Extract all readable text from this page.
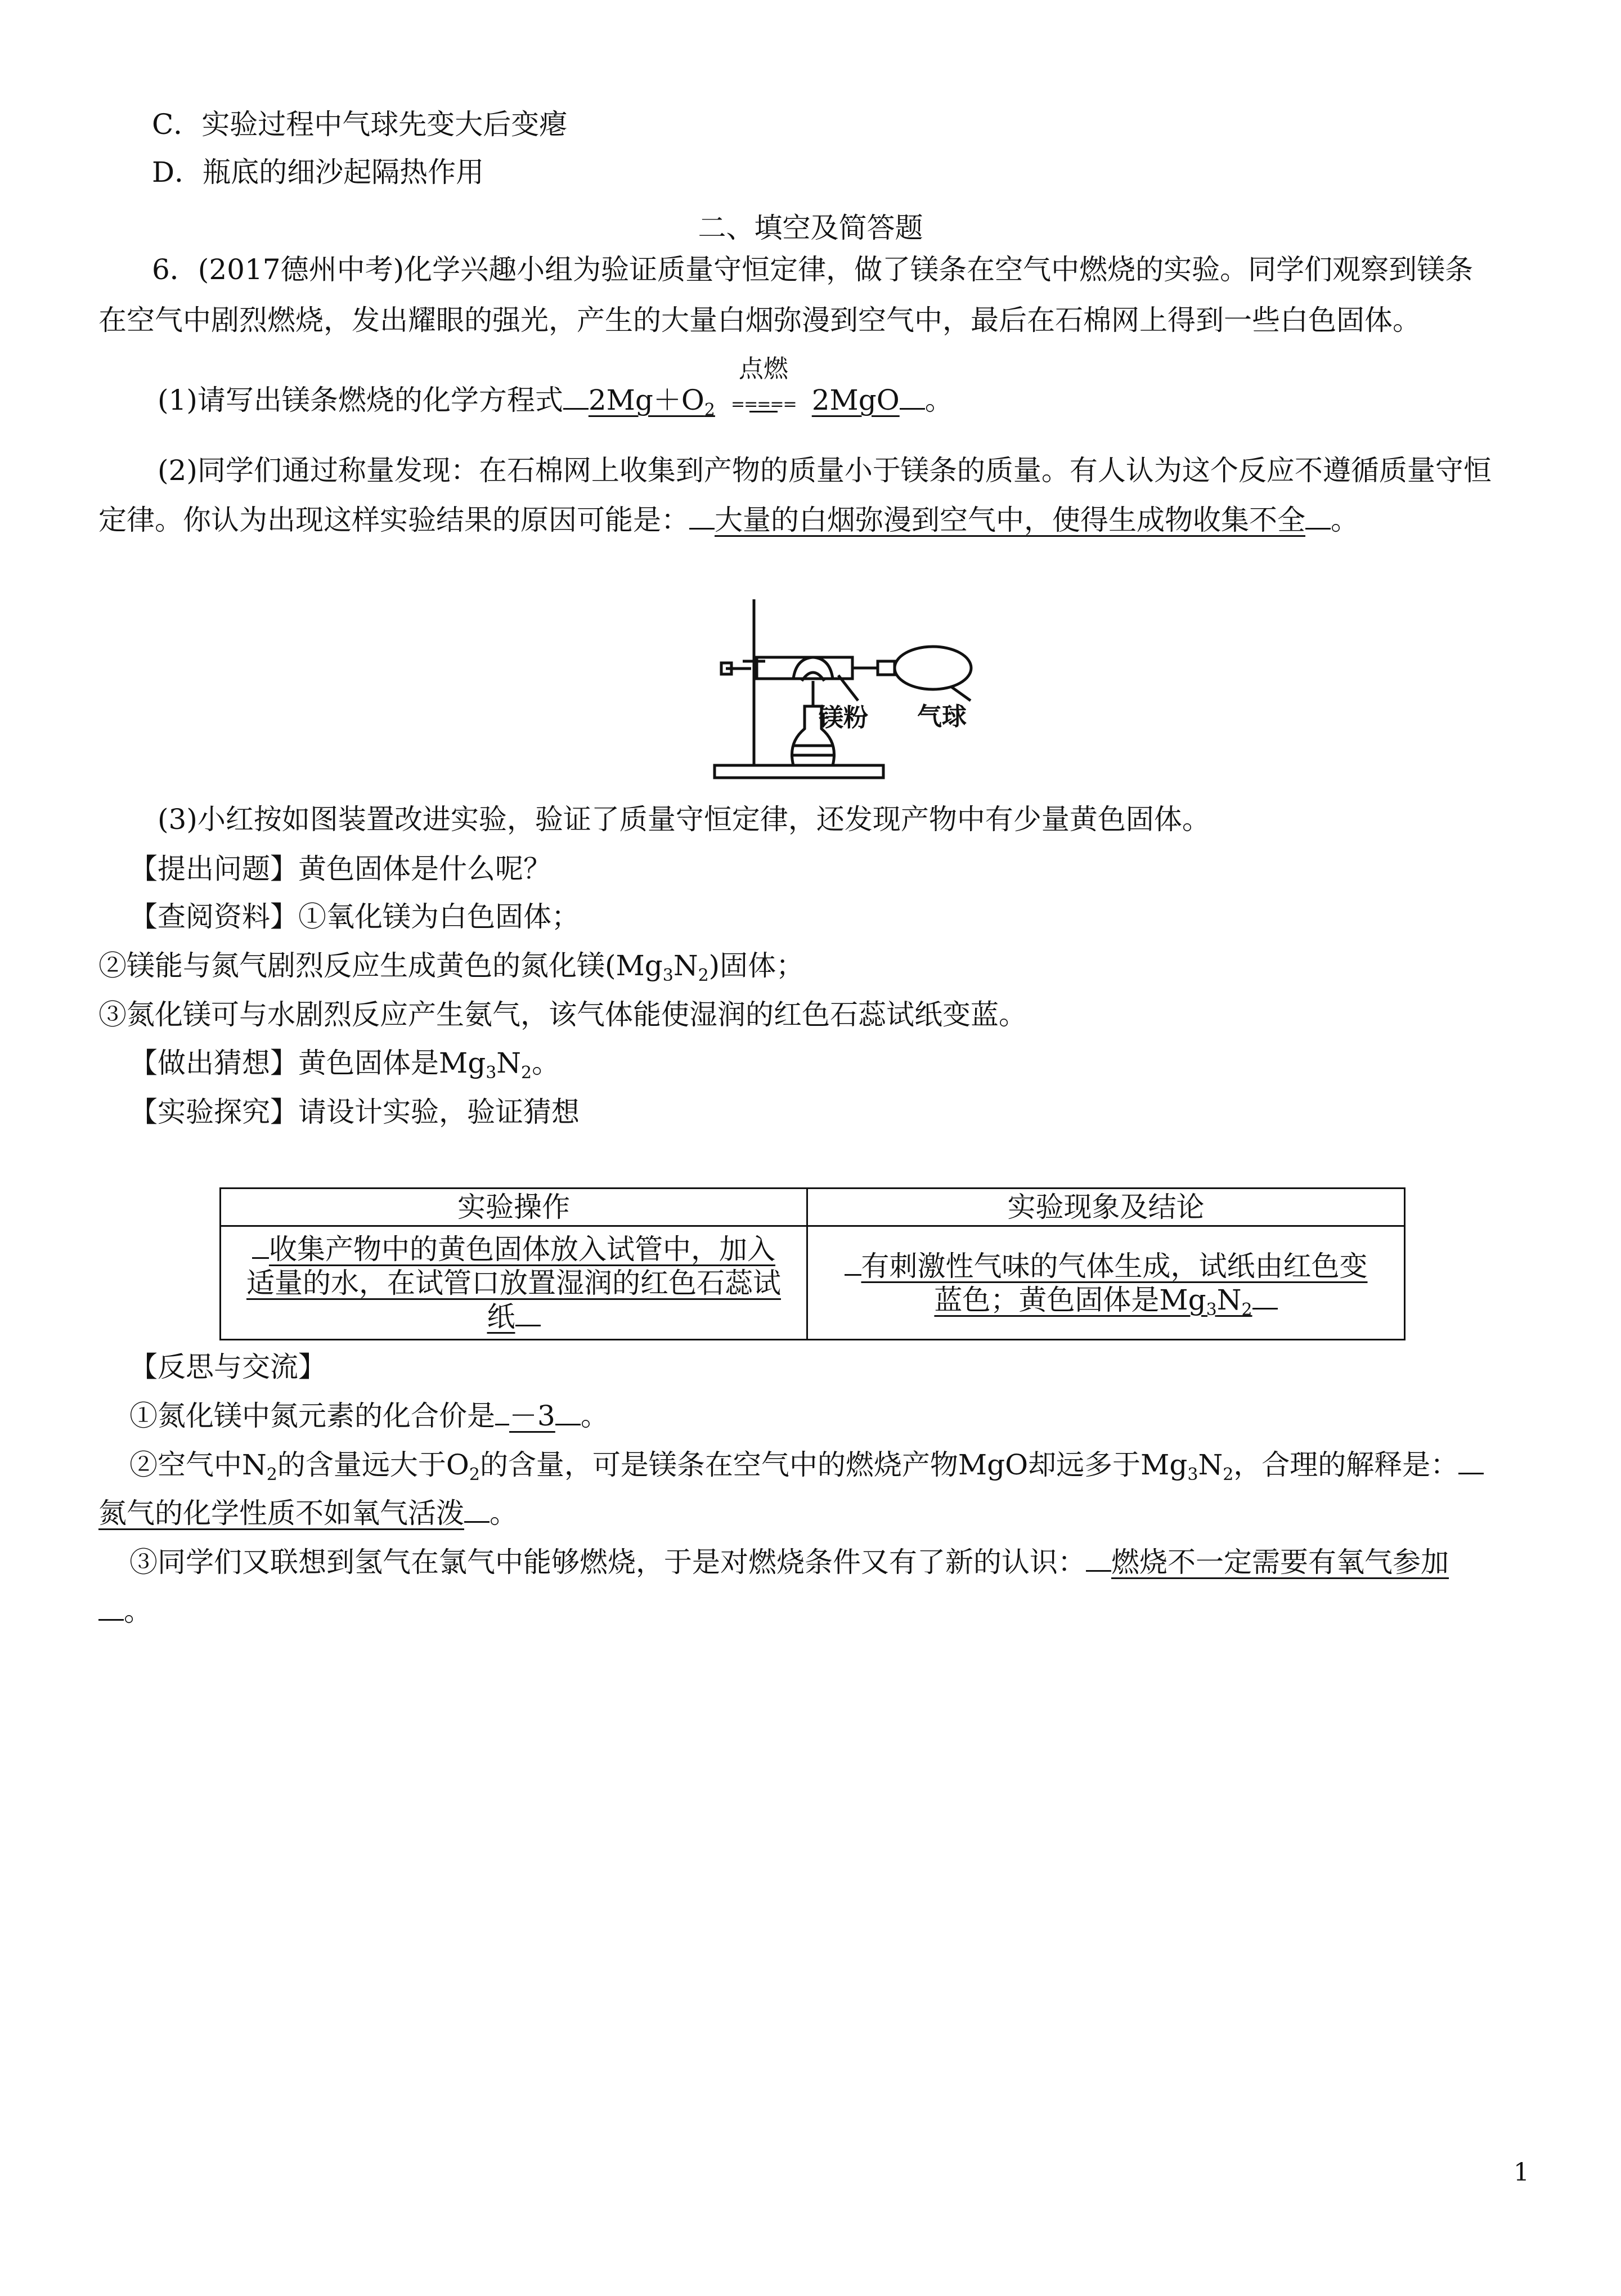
C．实验过程中气球先变大后变瘪
D．瓶底的细沙起隔热作用
二、填空及简答题
6．(2017德州中考)化学兴趣小组为验证质量守恒定律，做了镁条在空气中燃烧的实验。同学们观察到镁条
在空气中剧烈燃烧，发出耀眼的强光，产生的大量白烟弥漫到空气中，最后在石棉网上得到一些白色固体。
(1)请写出镁条燃烧的化学方程式 $2Mg+O_2$
点燃
===== 2MgO 。
(2)同学们通过称量发现：在石棉网上收集到产物的质量小于镁条的质量。有人认为这个反应不遵循质量守恒
定律。你认为出现这样实验结果的原因可能是： 大量的白烟弥漫到空气中，使得生成物收集不全 。
镁粉 气球
(3)小红按如图装置改进实验，验证了质量守恒定律，还发现产物中有少量黄色固体。
【提出问题】黄色固体是什么呢？
【查阅资料】①氧化镁为白色固体；
②镁能与氮气剧烈反应生成黄色的氮化镁$(Mg_3N_2)$固体；
③氮化镁可与水剧烈反应产生氨气，该气体能使湿润的红色石蕊试纸变蓝。
【做出猜想】黄色固体是$Mg_3N_2$。
【实验探究】请设计实验，验证猜想
实验操作	实验现象及结论
收集产物中的黄色固体放入试管中，加入
适量的水，在试管口放置湿润的红色石蕊试
纸	有刺激性气味的气体生成，试纸由红色变
蓝色；黄色固体是$Mg_3N_2$
【反思与交流】
①氮化镁中氮元素的化合价是 －3 。
②空气中$N_2$的含量远大于$O_2$的含量，可是镁条在空气中的燃烧产物MgO却远多于$Mg_3N_2$，合理的解释是：
氮气的化学性质不如氧气活泼 。
③同学们又联想到氢气在氯气中能够燃烧，于是对燃烧条件又有了新的认识： 燃烧不一定需要有氧气参加
。
1
